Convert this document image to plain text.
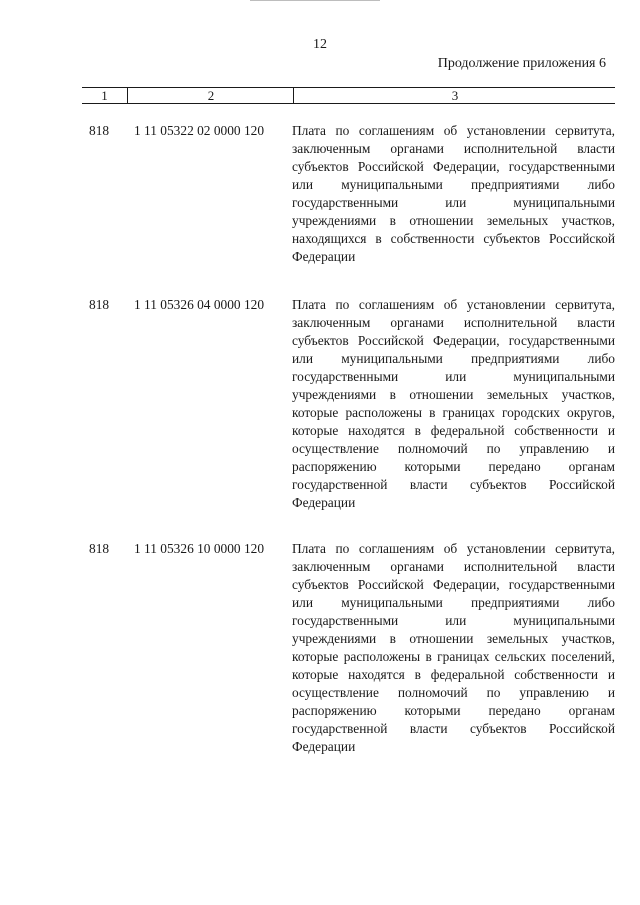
12
Продолжение приложения 6
1	2	3
818 1 11 05322 02 0000 120 Плата по соглашениям об установлении сервитута, заключенным органами исполнительной власти субъектов Российской Федерации, государственными или муниципальными предприятиями либо государственными или муниципальными учреждениями в отношении земельных участков, находящихся в собственности субъектов Российской Федерации
818 1 11 05326 04 0000 120 Плата по соглашениям об установлении сервитута, заключенным органами исполнительной власти субъектов Российской Федерации, государственными или муниципальными предприятиями либо государственными или муниципальными учреждениями в отношении земельных участков, которые расположены в границах городских округов, которые находятся в федеральной собственности и осуществление полномочий по управлению и распоряжению которыми передано органам государственной власти субъектов Российской Федерации
818 1 11 05326 10 0000 120 Плата по соглашениям об установлении сервитута, заключенным органами исполнительной власти субъектов Российской Федерации, государственными или муниципальными предприятиями либо государственными или муниципальными учреждениями в отношении земельных участков, которые расположены в границах сельских поселений, которые находятся в федеральной собственности и осуществление полномочий по управлению и распоряжению которыми передано органам государственной власти субъектов Российской Федерации
